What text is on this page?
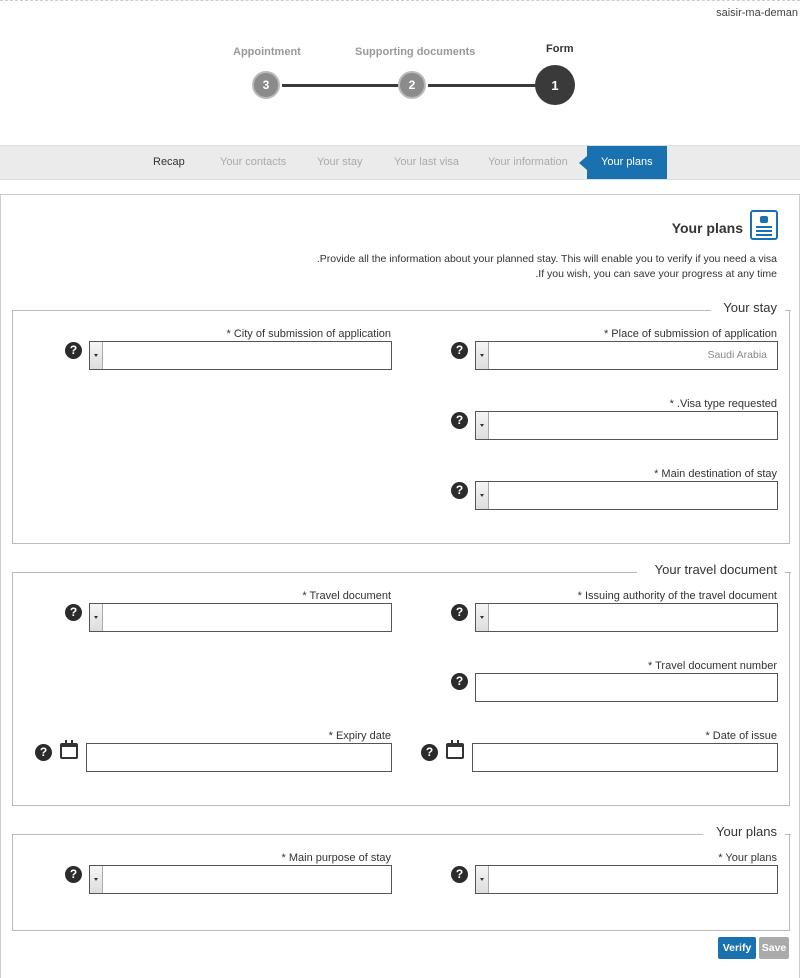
saisir-ma-deman
Appointment	Supporting documents	Form
3	2	1
Recap	Your contacts	Your stay	Your last visa	Your information	Your plans
Your plans
.Provide all the information about your planned stay. This will enable you to verify if you need a visa
.If you wish, you can save your progress at any time
Your stay
* City of submission of application
?
* Place of submission of application
?	Saudi Arabia
* .Visa type requested
?
* Main destination of stay
?
Your travel document
* Travel document
?
* Issuing authority of the travel document
?
* Travel document number
?
* Expiry date
?
* Date of issue
?
Your plans
* Main purpose of stay
?
* Your plans
?
Verify Save
